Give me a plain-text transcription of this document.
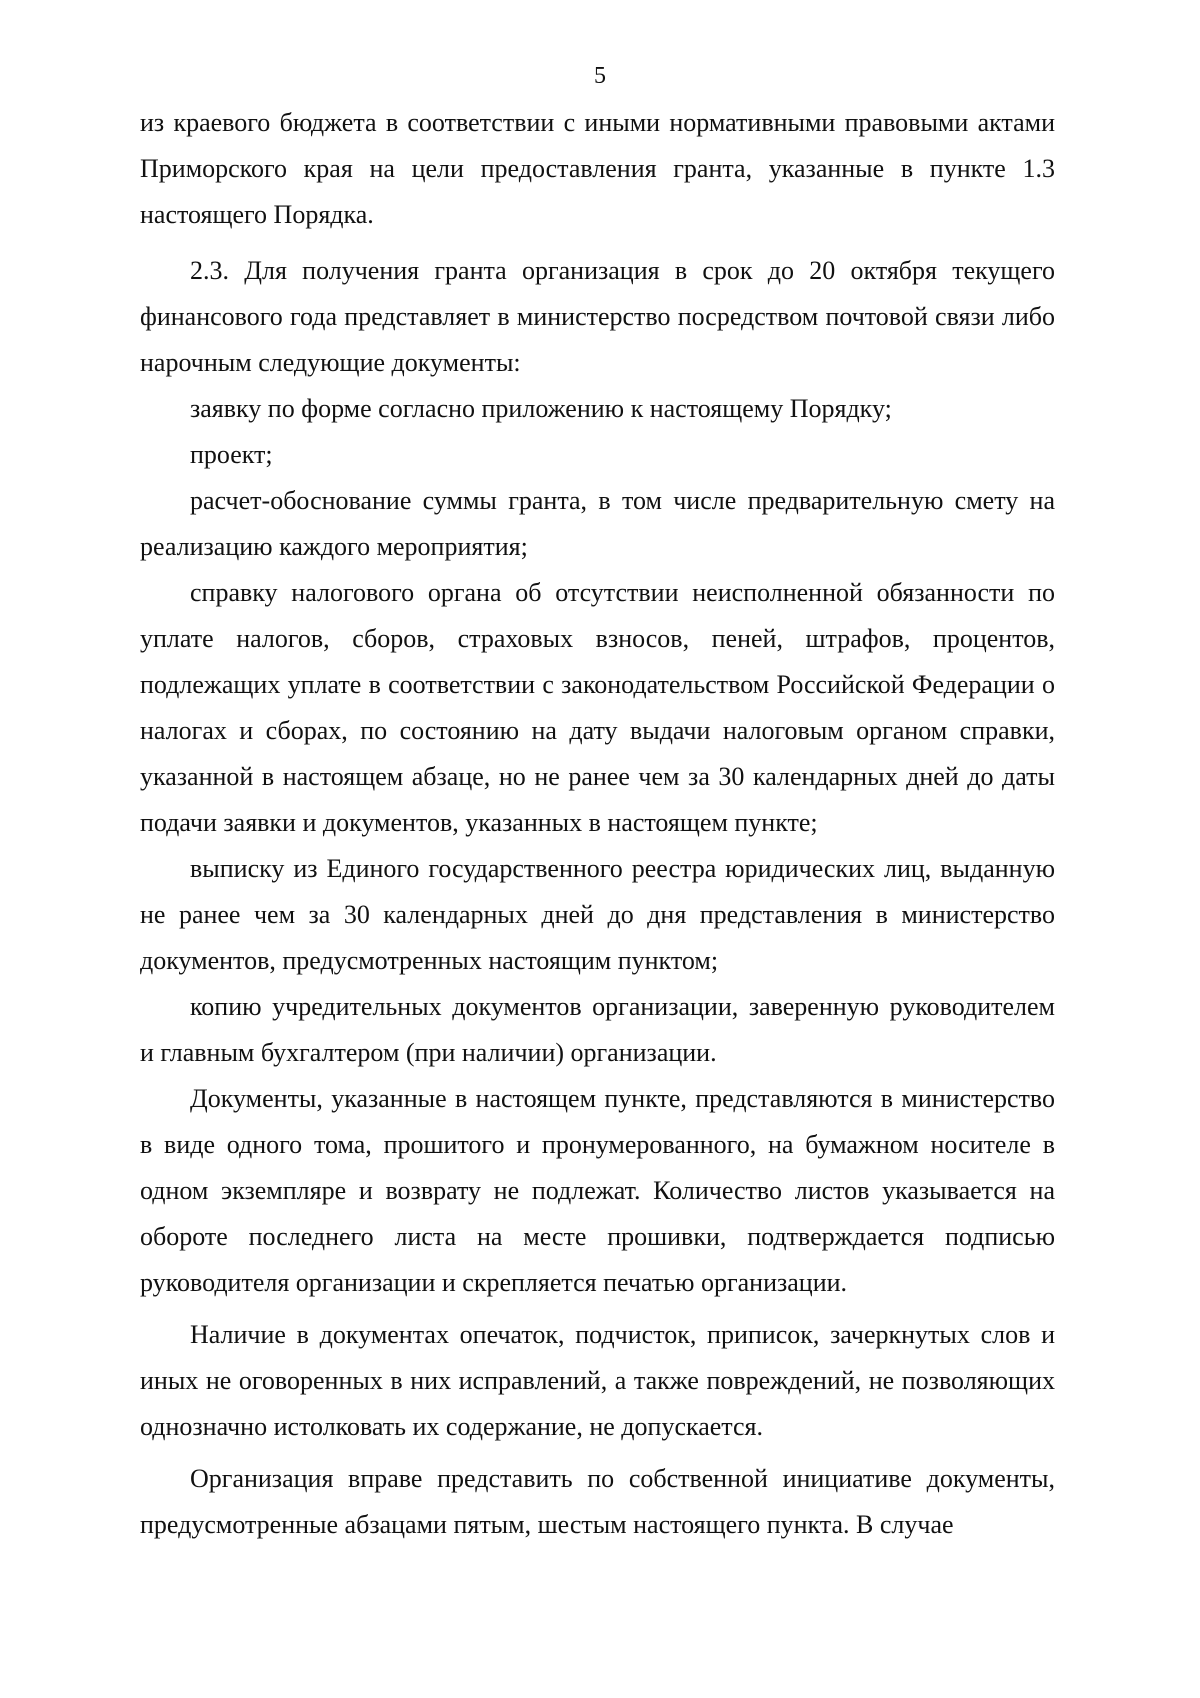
5

из краевого бюджета в соответствии с иными нормативными правовыми актами Приморского края на цели предоставления гранта, указанные в пункте 1.3 настоящего Порядка.

2.3. Для получения гранта организация в срок до 20 октября текущего финансового года представляет в министерство посредством почтовой связи либо нарочным следующие документы:

заявку по форме согласно приложению к настоящему Порядку;

проект;

расчет-обоснование суммы гранта, в том числе предварительную смету на реализацию каждого мероприятия;

справку налогового органа об отсутствии неисполненной обязанности по уплате налогов, сборов, страховых взносов, пеней, штрафов, процентов, подлежащих уплате в соответствии с законодательством Российской Федерации о налогах и сборах, по состоянию на дату выдачи налоговым органом справки, указанной в настоящем абзаце, но не ранее чем за 30 календарных дней до даты подачи заявки и документов, указанных в настоящем пункте;

выписку из Единого государственного реестра юридических лиц, выданную не ранее чем за 30 календарных дней до дня представления в министерство документов, предусмотренных настоящим пунктом;

копию учредительных документов организации, заверенную руководителем и главным бухгалтером (при наличии) организации.

Документы, указанные в настоящем пункте, представляются в министерство в виде одного тома, прошитого и пронумерованного, на бумажном носителе в одном экземпляре и возврату не подлежат. Количество листов указывается на обороте последнего листа на месте прошивки, подтверждается подписью руководителя организации и скрепляется печатью организации.

Наличие в документах опечаток, подчисток, приписок, зачеркнутых слов и иных не оговоренных в них исправлений, а также повреждений, не позволяющих однозначно истолковать их содержание, не допускается.

Организация вправе представить по собственной инициативе документы, предусмотренные абзацами пятым, шестым настоящего пункта. В случае
